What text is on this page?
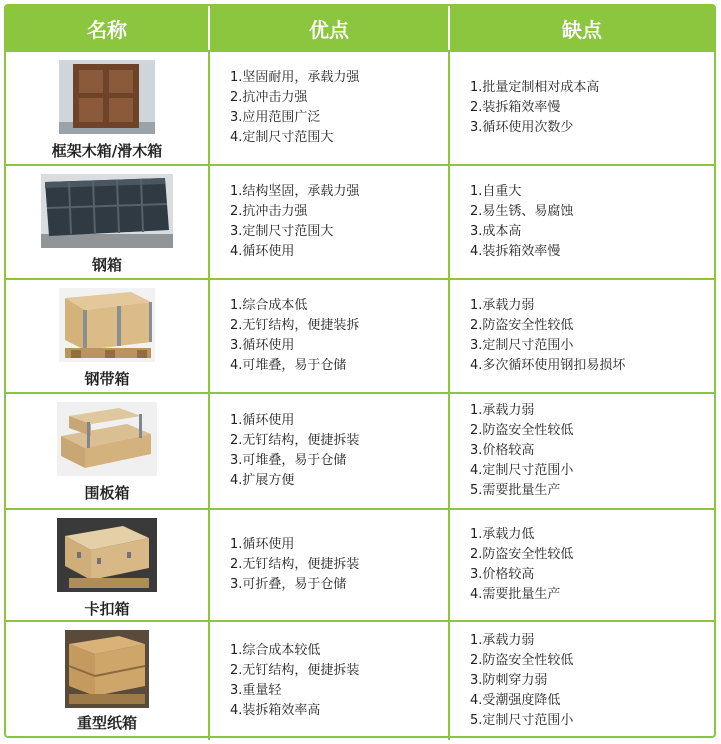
名称	优点	缺点
框架木箱/滑木箱
1.坚固耐用，承载力强
2.抗冲击力强
3.应用范围广泛
4.定制尺寸范围大
1.批量定制相对成本高
2.装拆箱效率慢
3.循环使用次数少
钢箱
1.结构坚固，承载力强
2.抗冲击力强
3.定制尺寸范围大
4.循环使用
1.自重大
2.易生锈、易腐蚀
3.成本高
4.装拆箱效率慢
钢带箱
1.综合成本低
2.无钉结构，便捷装拆
3.循环使用
4.可堆叠，易于仓储
1.承载力弱
2.防盗安全性较低
3.定制尺寸范围小
4.多次循环使用钢扣易损坏
围板箱
1.循环使用
2.无钉结构，便捷拆装
3.可堆叠，易于仓储
4.扩展方便
1.承载力弱
2.防盗安全性较低
3.价格较高
4.定制尺寸范围小
5.需要批量生产
卡扣箱
1.循环使用
2.无钉结构，便捷拆装
3.可折叠，易于仓储
1.承载力低
2.防盗安全性较低
3.价格较高
4.需要批量生产
重型纸箱
1.综合成本较低
2.无钉结构，便捷拆装
3.重量轻
4.装拆箱效率高
1.承载力弱
2.防盗安全性较低
3.防刺穿力弱
4.受潮强度降低
5.定制尺寸范围小
